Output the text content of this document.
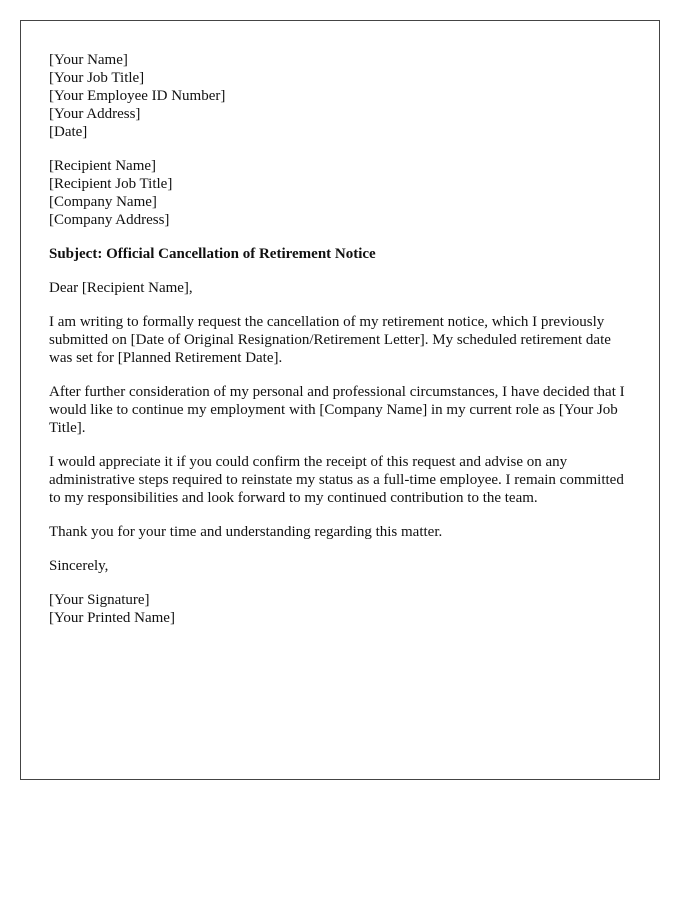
[Your Name]
[Your Job Title]
[Your Employee ID Number]
[Your Address]
[Date]
[Recipient Name]
[Recipient Job Title]
[Company Name]
[Company Address]

Subject: Official Cancellation of Retirement Notice

Dear [Recipient Name],

I am writing to formally request the cancellation of my retirement notice, which I previously submitted on [Date of Original Resignation/Retirement Letter]. My scheduled retirement date was set for [Planned Retirement Date].

After further consideration of my personal and professional circumstances, I have decided that I would like to continue my employment with [Company Name] in my current role as [Your Job Title].

I would appreciate it if you could confirm the receipt of this request and advise on any administrative steps required to reinstate my status as a full-time employee. I remain committed to my responsibilities and look forward to my continued contribution to the team.

Thank you for your time and understanding regarding this matter.

Sincerely,

[Your Signature]
[Your Printed Name]
